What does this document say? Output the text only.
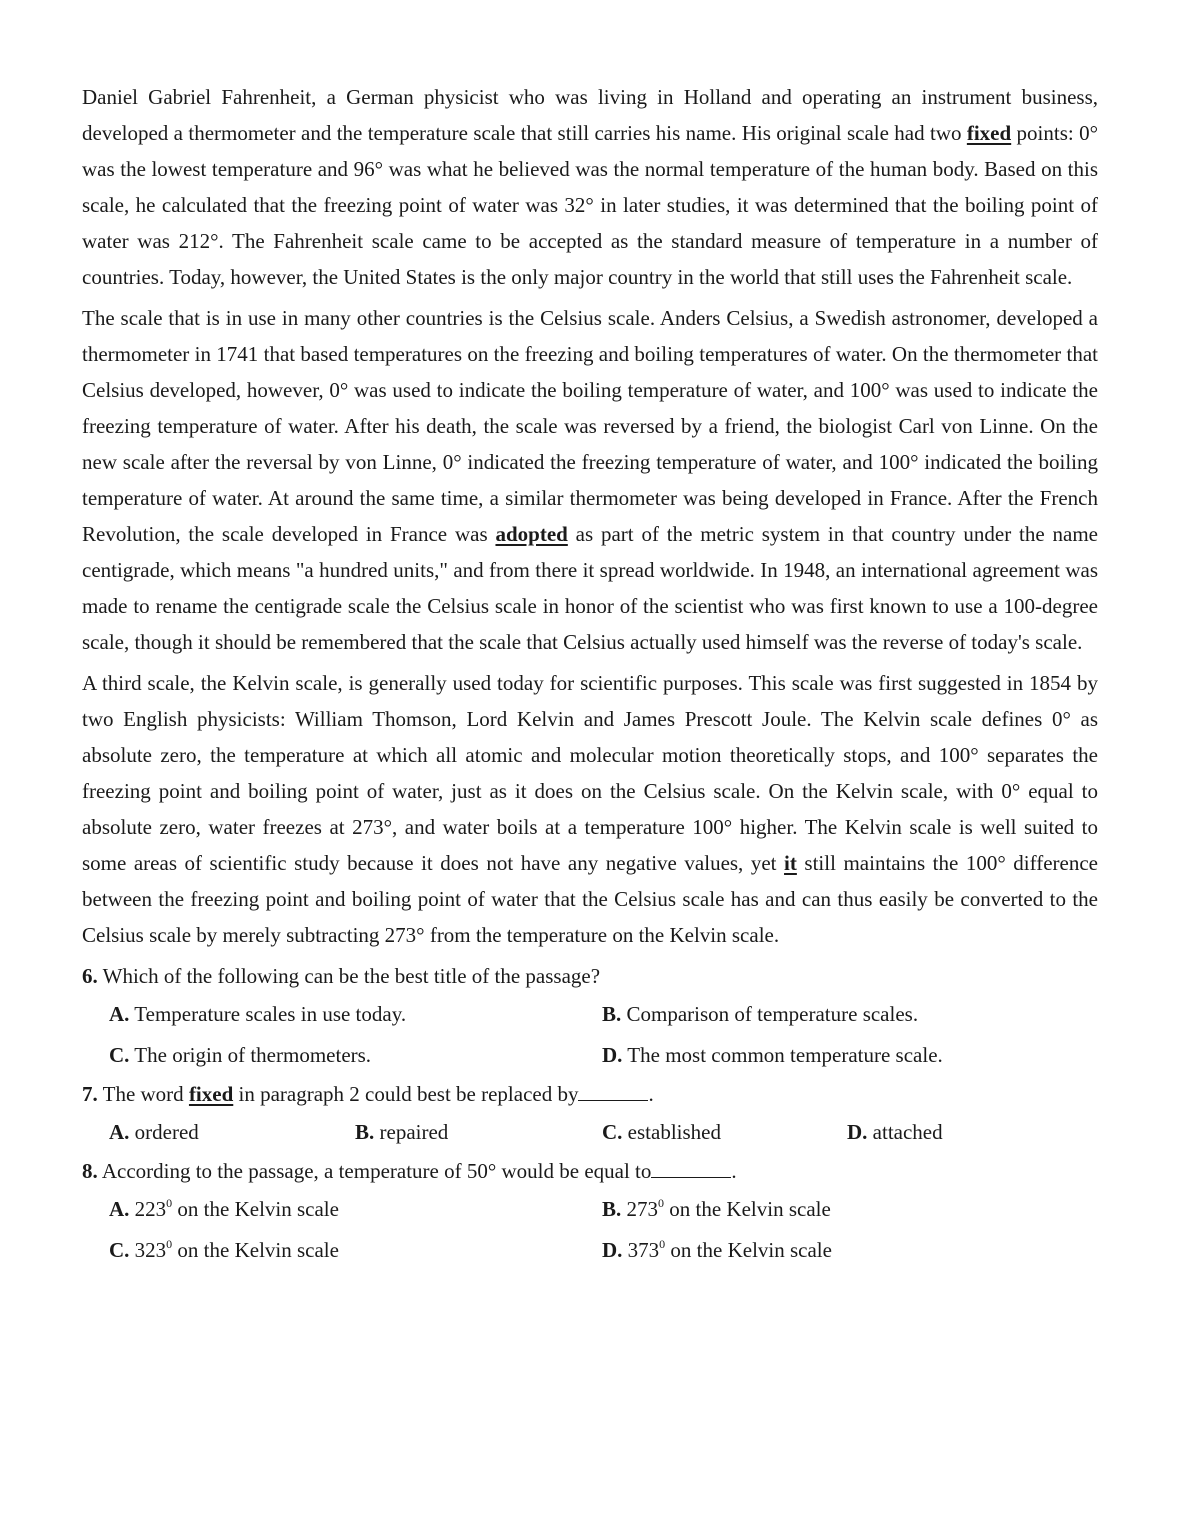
Daniel Gabriel Fahrenheit, a German physicist who was living in Holland and operating an instrument business, developed a thermometer and the temperature scale that still carries his name. His original scale had two fixed points: 0° was the lowest temperature and 96° was what he believed was the normal temperature of the human body. Based on this scale, he calculated that the freezing point of water was 32° in later studies, it was determined that the boiling point of water was 212°. The Fahrenheit scale came to be accepted as the standard measure of temperature in a number of countries. Today, however, the United States is the only major country in the world that still uses the Fahrenheit scale.

The scale that is in use in many other countries is the Celsius scale. Anders Celsius, a Swedish astronomer, developed a thermometer in 1741 that based temperatures on the freezing and boiling temperatures of water. On the thermometer that Celsius developed, however, 0° was used to indicate the boiling temperature of water, and 100° was used to indicate the freezing temperature of water. After his death, the scale was reversed by a friend, the biologist Carl von Linne. On the new scale after the reversal by von Linne, 0° indicated the freezing temperature of water, and 100° indicated the boiling temperature of water. At around the same time, a similar thermometer was being developed in France. After the French Revolution, the scale developed in France was adopted as part of the metric system in that country under the name centigrade, which means "a hundred units," and from there it spread worldwide. In 1948, an international agreement was made to rename the centigrade scale the Celsius scale in honor of the scientist who was first known to use a 100-degree scale, though it should be remembered that the scale that Celsius actually used himself was the reverse of today's scale.

A third scale, the Kelvin scale, is generally used today for scientific purposes. This scale was first suggested in 1854 by two English physicists: William Thomson, Lord Kelvin and James Prescott Joule. The Kelvin scale defines 0° as absolute zero, the temperature at which all atomic and molecular motion theoretically stops, and 100° separates the freezing point and boiling point of water, just as it does on the Celsius scale. On the Kelvin scale, with 0° equal to absolute zero, water freezes at 273°, and water boils at a temperature 100° higher. The Kelvin scale is well suited to some areas of scientific study because it does not have any negative values, yet it still maintains the 100° difference between the freezing point and boiling point of water that the Celsius scale has and can thus easily be converted to the Celsius scale by merely subtracting 273° from the temperature on the Kelvin scale.

6. Which of the following can be the best title of the passage?

A. Temperature scales in use today.	B. Comparison of temperature scales.
C. The origin of thermometers.	D. The most common temperature scale.

7. The word fixed in paragraph 2 could best be replaced by	.

A. ordered	B. repaired	C. established	D. attached

8. According to the passage, a temperature of 50° would be equal to	.

A. $223^0$ on the Kelvin scale	B. $273^0$ on the Kelvin scale
C. $323^0$ on the Kelvin scale	D. $373^0$ on the Kelvin scale
